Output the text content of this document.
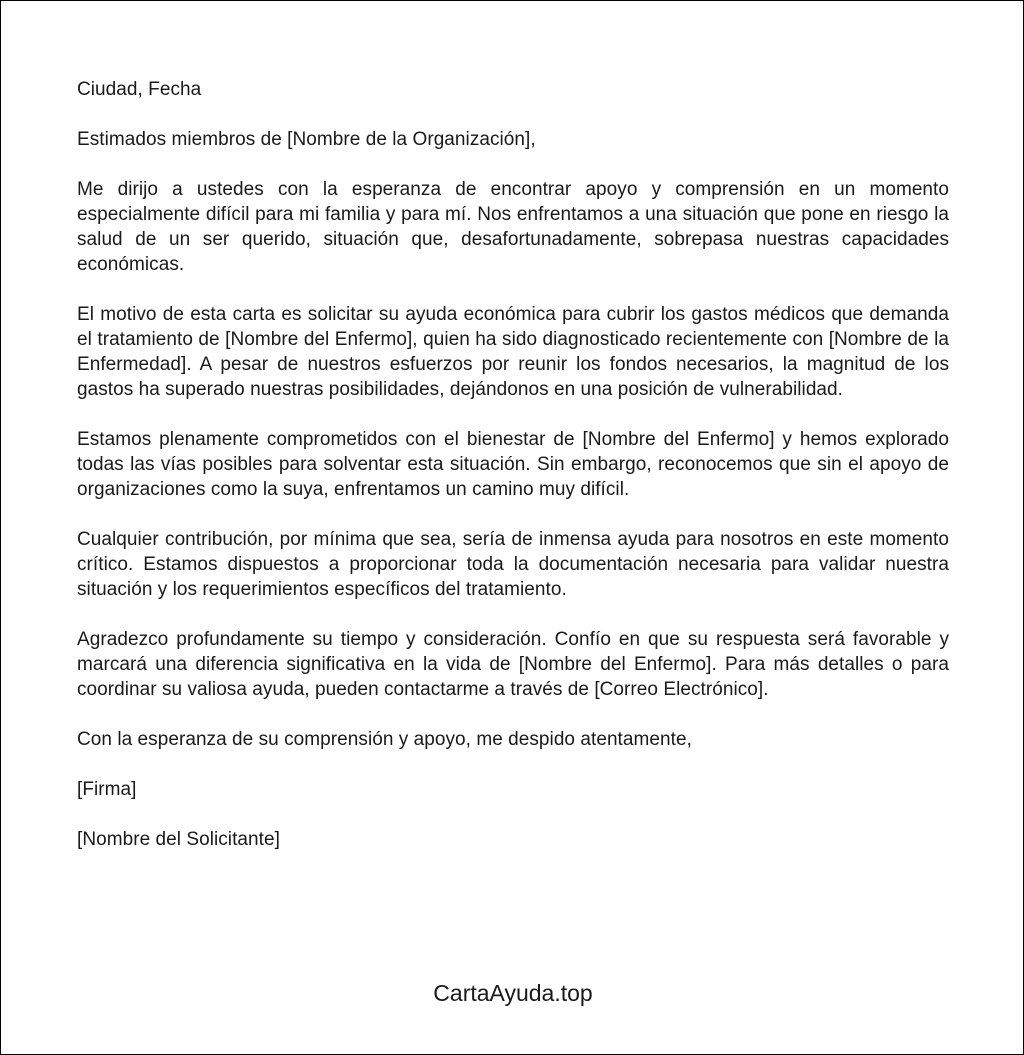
Ciudad, Fecha

Estimados miembros de [Nombre de la Organización],

Me dirijo a ustedes con la esperanza de encontrar apoyo y comprensión en un momento especialmente difícil para mi familia y para mí. Nos enfrentamos a una situación que pone en riesgo la salud de un ser querido, situación que, desafortunadamente, sobrepasa nuestras capacidades económicas.

El motivo de esta carta es solicitar su ayuda económica para cubrir los gastos médicos que demanda el tratamiento de [Nombre del Enfermo], quien ha sido diagnosticado recientemente con [Nombre de la Enfermedad]. A pesar de nuestros esfuerzos por reunir los fondos necesarios, la magnitud de los gastos ha superado nuestras posibilidades, dejándonos en una posición de vulnerabilidad.

Estamos plenamente comprometidos con el bienestar de [Nombre del Enfermo] y hemos explorado todas las vías posibles para solventar esta situación. Sin embargo, reconocemos que sin el apoyo de organizaciones como la suya, enfrentamos un camino muy difícil.

Cualquier contribución, por mínima que sea, sería de inmensa ayuda para nosotros en este momento crítico. Estamos dispuestos a proporcionar toda la documentación necesaria para validar nuestra situación y los requerimientos específicos del tratamiento.

Agradezco profundamente su tiempo y consideración. Confío en que su respuesta será favorable y marcará una diferencia significativa en la vida de [Nombre del Enfermo]. Para más detalles o para coordinar su valiosa ayuda, pueden contactarme a través de [Correo Electrónico].

Con la esperanza de su comprensión y apoyo, me despido atentamente,

[Firma]

[Nombre del Solicitante]

CartaAyuda.top
